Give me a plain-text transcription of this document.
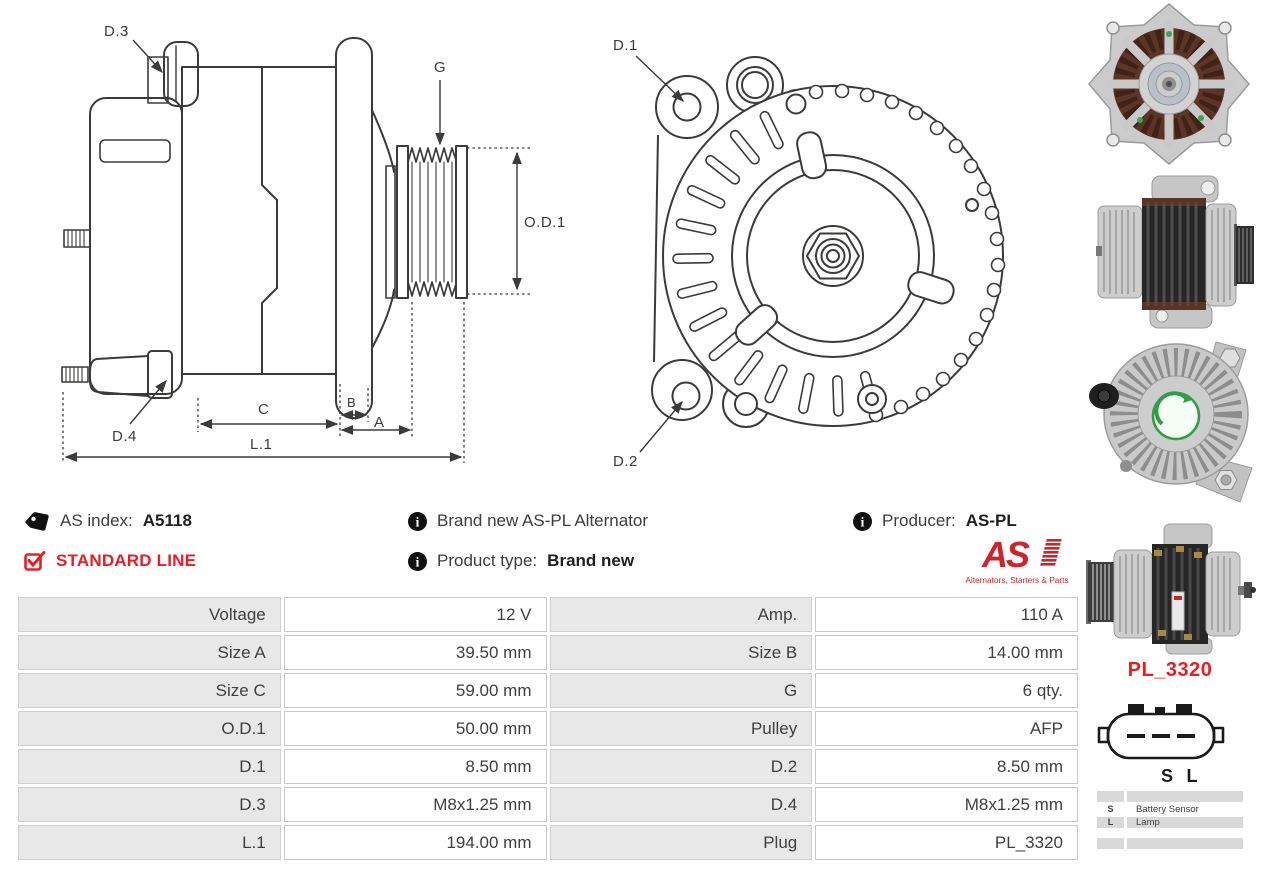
D.3
G
O.D.1
D.4
C	B
A
L.1
D.1
D.2
AS index: A5118
STANDARD LINE
i Brand new AS-PL Alternator
i Product type: Brand new
i Producer: AS-PL
AS
Alternators, Starters & Parts
Voltage	12 V	Amp.	110 A
Size A	39.50 mm	Size B	14.00 mm
Size C	59.00 mm	G	6 qty.
O.D.1	50.00 mm	Pulley	AFP
D.1	8.50 mm	D.2	8.50 mm
D.3	M8x1.25 mm	D.4	M8x1.25 mm
L.1	194.00 mm	Plug	PL_3320
PL_3320
S L
S	Battery Sensor
L	Lamp
